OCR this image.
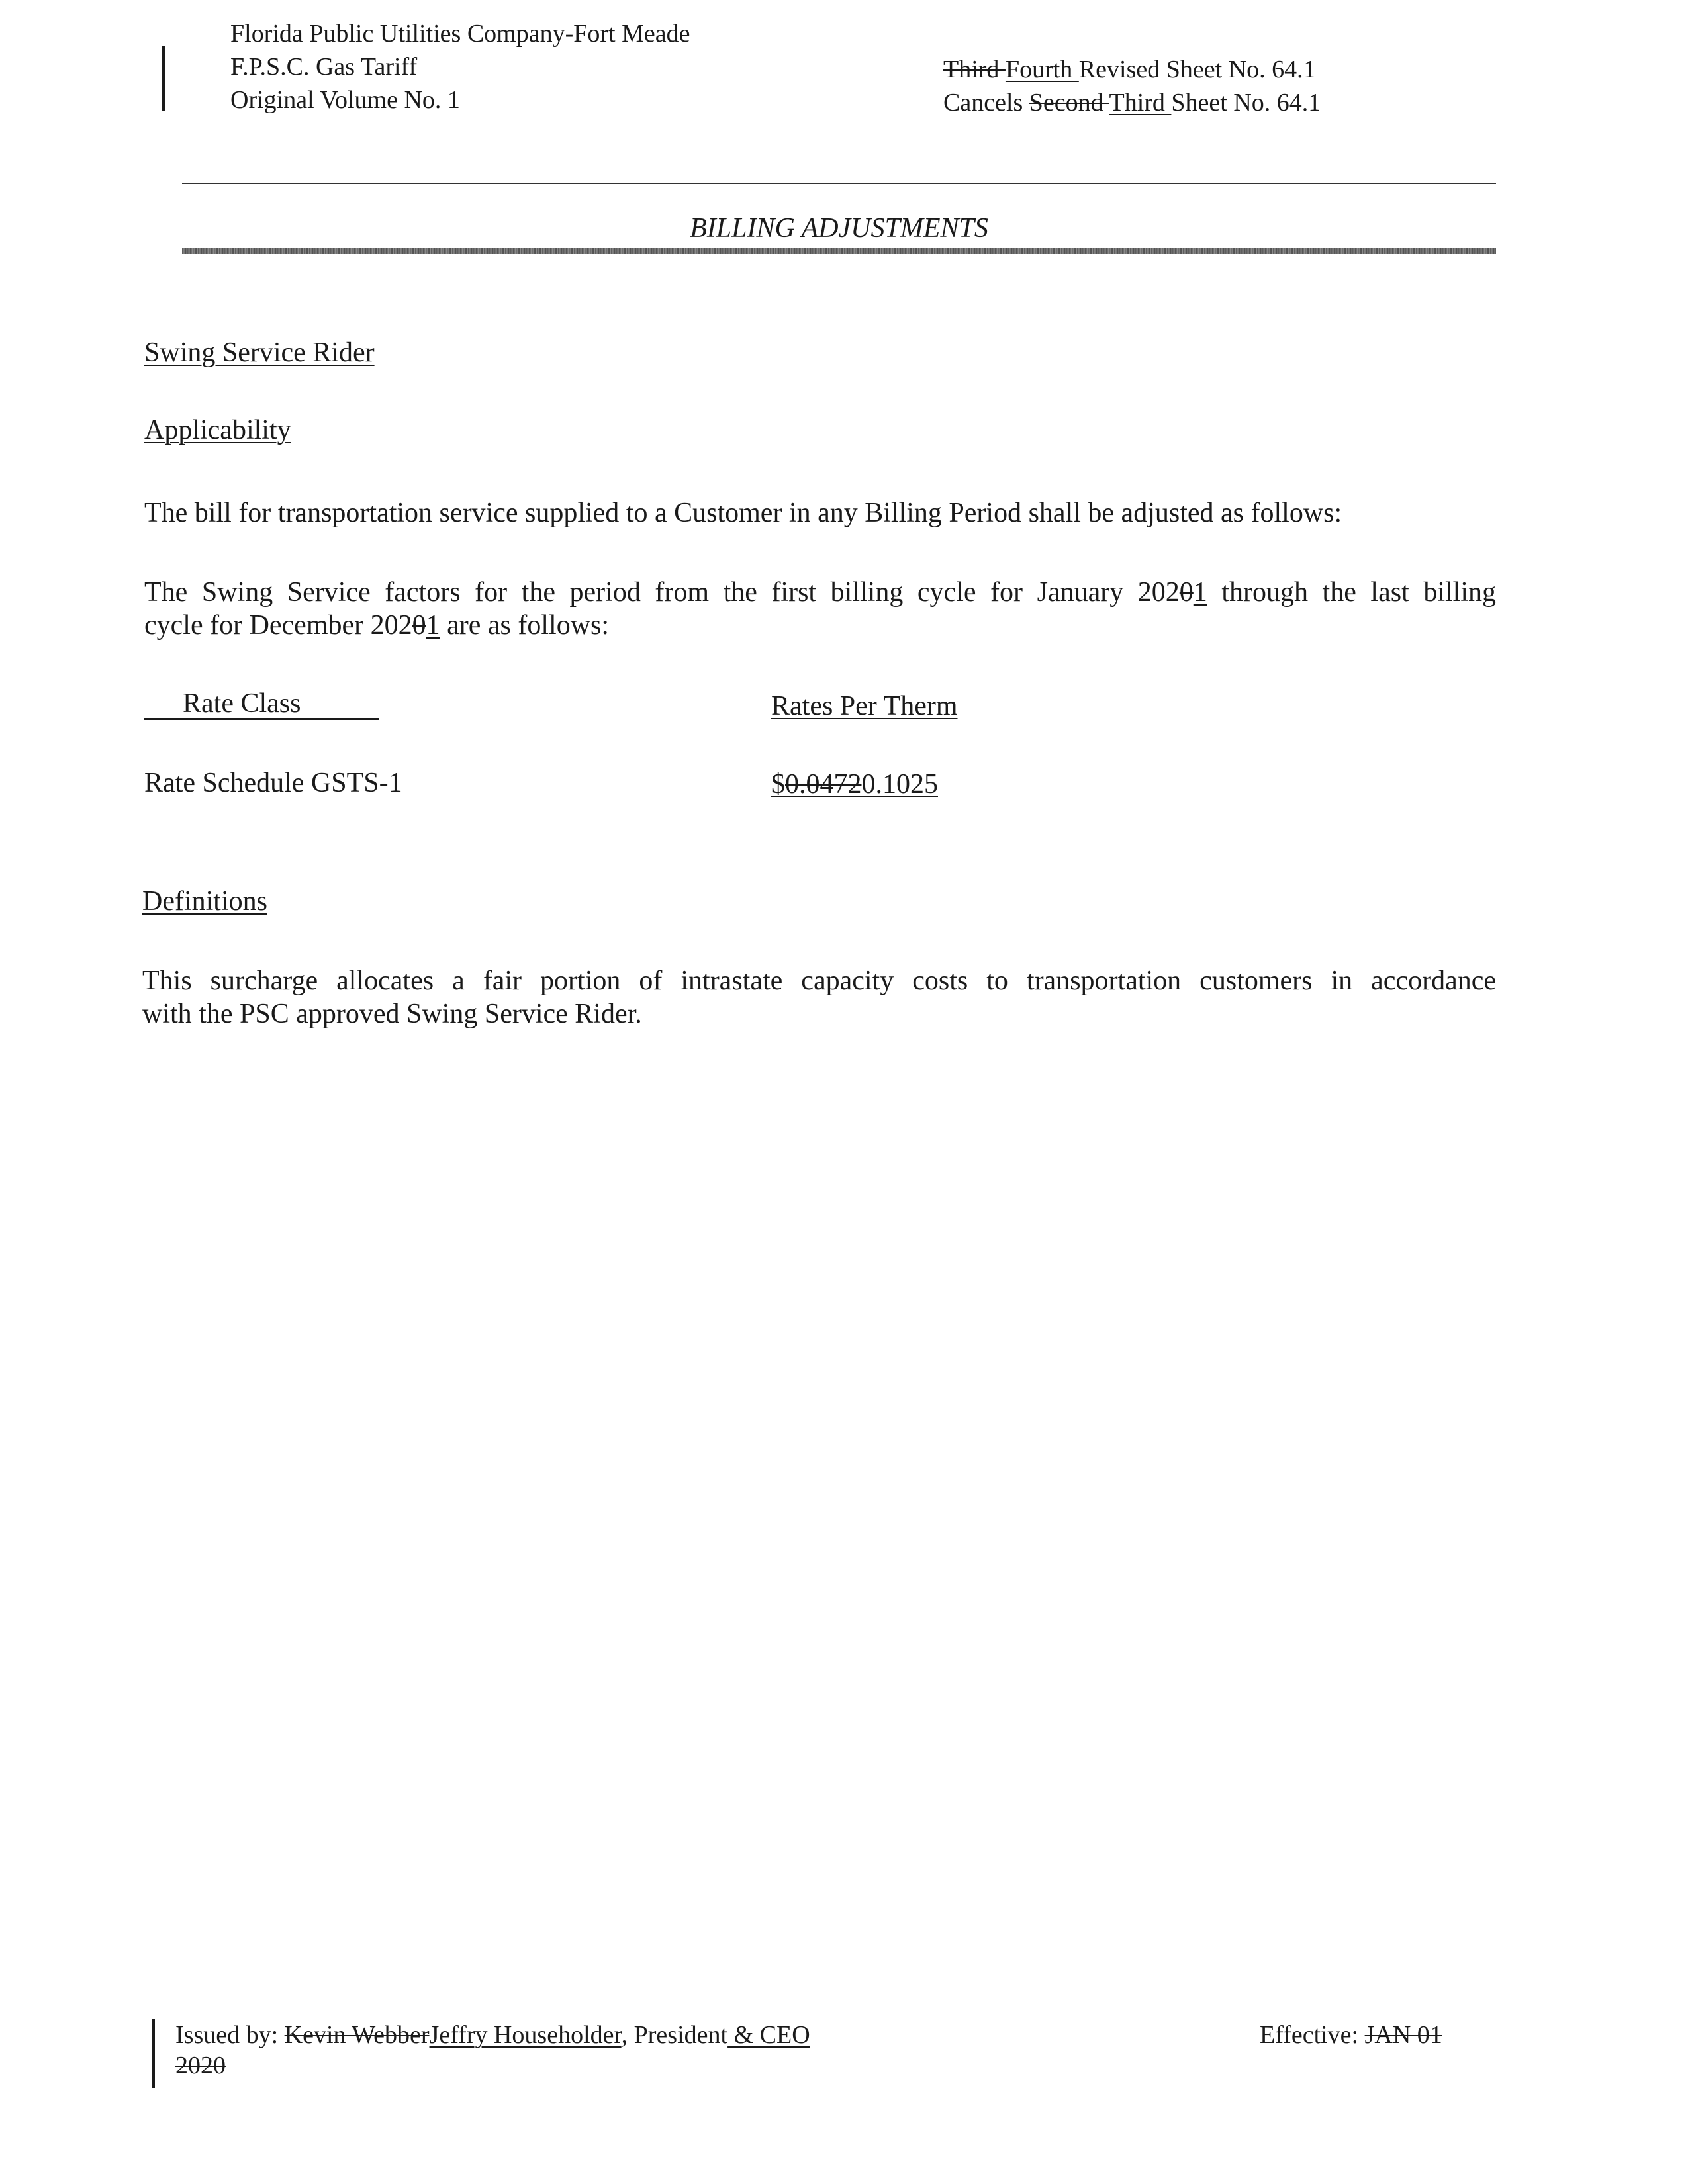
Florida Public Utilities Company-Fort Meade
F.P.S.C. Gas Tariff
Original Volume No. 1
Third Fourth Revised Sheet No. 64.1
Cancels Second Third Sheet No. 64.1
BILLING ADJUSTMENTS
Swing Service Rider
Applicability
The bill for transportation service supplied to a Customer in any Billing Period shall be adjusted as follows:
The Swing Service factors for the period from the first billing cycle for January 20201 through the last billing
cycle for December 20201 are as follows:
Rate Class	Rates Per Therm
Rate Schedule GSTS-1	$0.04720.1025
Definitions
This surcharge allocates a fair portion of intrastate capacity costs to transportation customers in accordance
with the PSC approved Swing Service Rider.
Issued by: Kevin WebberJeffry Householder, President & CEO
2020
Effective: JAN 01
